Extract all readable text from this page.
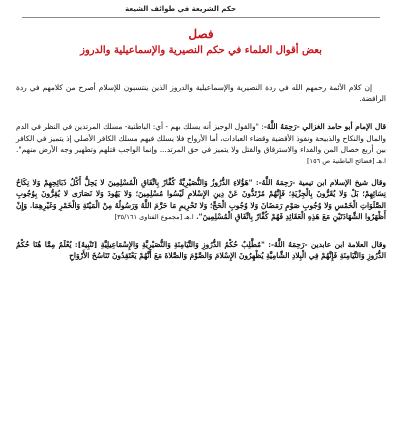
حكم الشريعة في طوائف الشيعة
فصل
بعض أقوال العلماء في حكم النصيرية والإسماعيلية والدروز

إن كلام الأئمة رحمهم الله في ردة النصيرية والإسماعيلية والدروز الذين ينتسبون للإسلام أصرح من كلامهم في ردة الرافضة.

قال الإمام أبو حامد الغزالي -رَحِمَهُ اللَّهُ-: "والقول الوجيز أنه يسلك بهم - أي: الباطنية- مسلك المرتدين في النظر في الدم والمال والنكاح والذبيحة ونفوذ الأقضية وقضاء العبادات، أما الأرواح فلا يسلك فيهم مسلك الكافر الأصلي إذ يتميز في الكافر بين أربع خصال المن والفداء والاسترقاق والقتل ولا يتميز في حق المرتد... وإنما الواجب قتلهم وتطهير وجه الأرض منهم". ا.هـ [فضائح الباطنية ص ١٥٦]

وقال شيخ الإسلام ابن تيمية -رَحِمَهُ اللَّهُ-: "هَؤُلاءِ الدُّرُوزُ وَالنُّصَيْرِيَّةُ كُفَّارٌ بِاتِّفَاقِ الْمُسْلِمِينَ لا يَحِلُّ أَكْلُ ذَبَائِحِهِمْ وَلا نِكَاحُ نِسَائِهِمْ؛ بَلْ وَلا يُقَرُّونَ بِالْجِزْيَةِ؛ فَإِنَّهُمْ مُرْتَدُّونَ عَنْ دِينِ الإِسْلامِ لَيْسُوا مُسْلِمِينَ؛ وَلا يَهُودَ وَلا نَصَارَى لا يُقِرُّونَ بِوُجُوبِ الصَّلَوَاتِ الْخَمْسِ وَلا وُجُوبِ صَوْمِ رَمَضَانَ وَلا وُجُوبِ الْحَجِّ؛ وَلا تَحْرِيمِ مَا حَرَّمَ اللَّهُ وَرَسُولُهُ مِنْ الْمَيْتَةِ وَالْخَمْرِ وَغَيْرِهِمَا. وَإِنْ أَظْهَرُوا الشَّهَادَتَيْنِ مَعَ هَذِهِ الْعَقَائِدِ فَهُمْ كُفَّارٌ بِاتِّفَاقِ الْمُسْلِمِينَ". ا.هـ [مجموع الفتاوى ٣٥/١٦١]

وقال العلامة ابن عابدين -رَحِمَهُ اللَّهُ-: "مُطَّلِبٌ حُكْمُ الدُّرُوزِ وَالتَّيَامِنَةِ وَالنُّصَيْرِيَّةِ وَالإِسْمَاعِيلِيَّةِ [تَنْبِيهٌ]: يُعْلَمُ مِمَّا هُنَا حُكْمُ الدُّرُوزِ وَالتَّيَامِنَةِ فَإِنَّهُمْ فِي الْبِلادِ الشَّامِيَّةِ يُظْهِرُونَ الإِسْلامَ وَالصَّوْمَ وَالصَّلاةَ مَعَ أَنَّهُمْ يَعْتَقِدُونَ تَنَاسُخَ الأَرْوَاحِ
